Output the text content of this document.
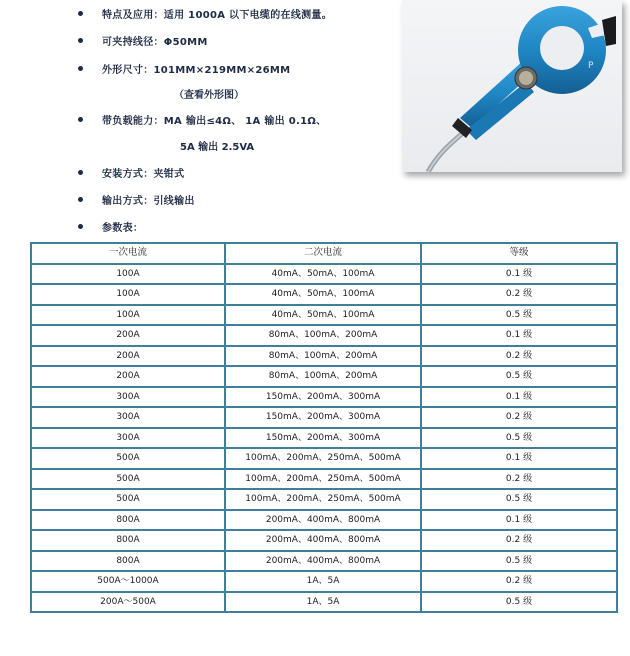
特点及应用：适用 1000A 以下电缆的在线测量。
可夹持线径：Φ50MM
外形尺寸：101MM×219MM×26MM
（查看外形图）
带负载能力：MA 输出≤4Ω、 1A 输出 0.1Ω、
5A 输出 2.5VA
安装方式：夹钳式
输出方式：引线输出
参数表：
P
一次电流	二次电流	等级
100A	40mA、50mA、100mA	0.1 级
100A	40mA、50mA、100mA	0.2 级
100A	40mA、50mA、100mA	0.5 级
200A	80mA、100mA、200mA	0.1 级
200A	80mA、100mA、200mA	0.2 级
200A	80mA、100mA、200mA	0.5 级
300A	150mA、200mA、300mA	0.1 级
300A	150mA、200mA、300mA	0.2 级
300A	150mA、200mA、300mA	0.5 级
500A	100mA、200mA、250mA、500mA	0.1 级
500A	100mA、200mA、250mA、500mA	0.2 级
500A	100mA、200mA、250mA、500mA	0.5 级
800A	200mA、400mA、800mA	0.1 级
800A	200mA、400mA、800mA	0.2 级
800A	200mA、400mA、800mA	0.5 级
500A～1000A	1A、5A	0.2 级
200A～500A	1A、5A	0.5 级
